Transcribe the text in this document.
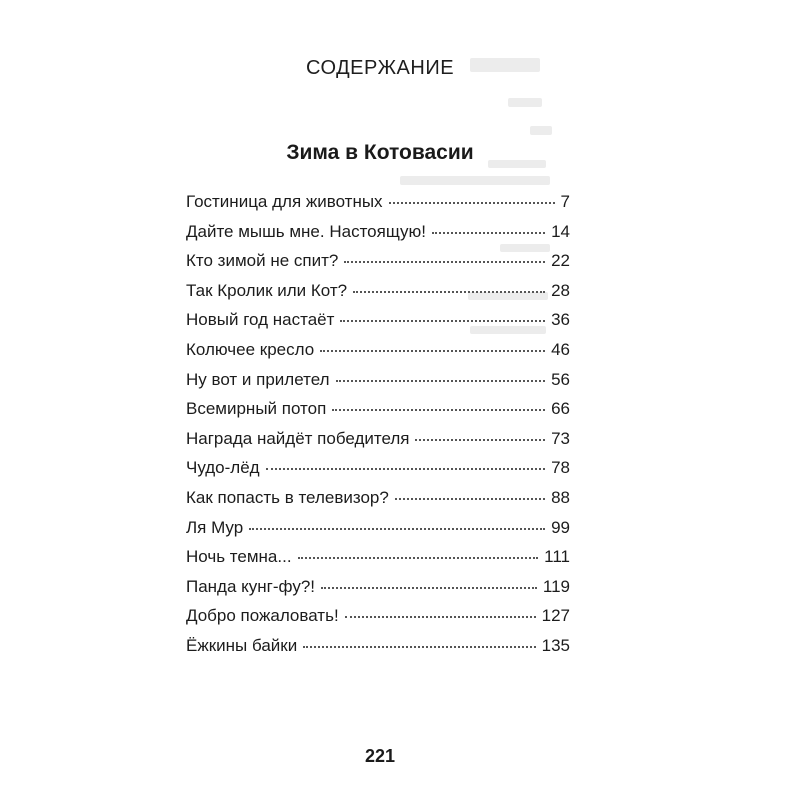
СОДЕРЖАНИЕ
Зима в Котовасии
Гостиница для животных	7
Дайте мышь мне. Настоящую!	14
Кто зимой не спит?	22
Так Кролик или Кот?	28
Новый год настаёт	36
Колючее кресло	46
Ну вот и прилетел	56
Всемирный потоп	66
Награда найдёт победителя	73
Чудо-лёд	78
Как попасть в телевизор?	88
Ля Мур	99
Ночь темна...	111
Панда кунг-фу?!	119
Добро пожаловать!	127
Ёжкины байки	135
221
